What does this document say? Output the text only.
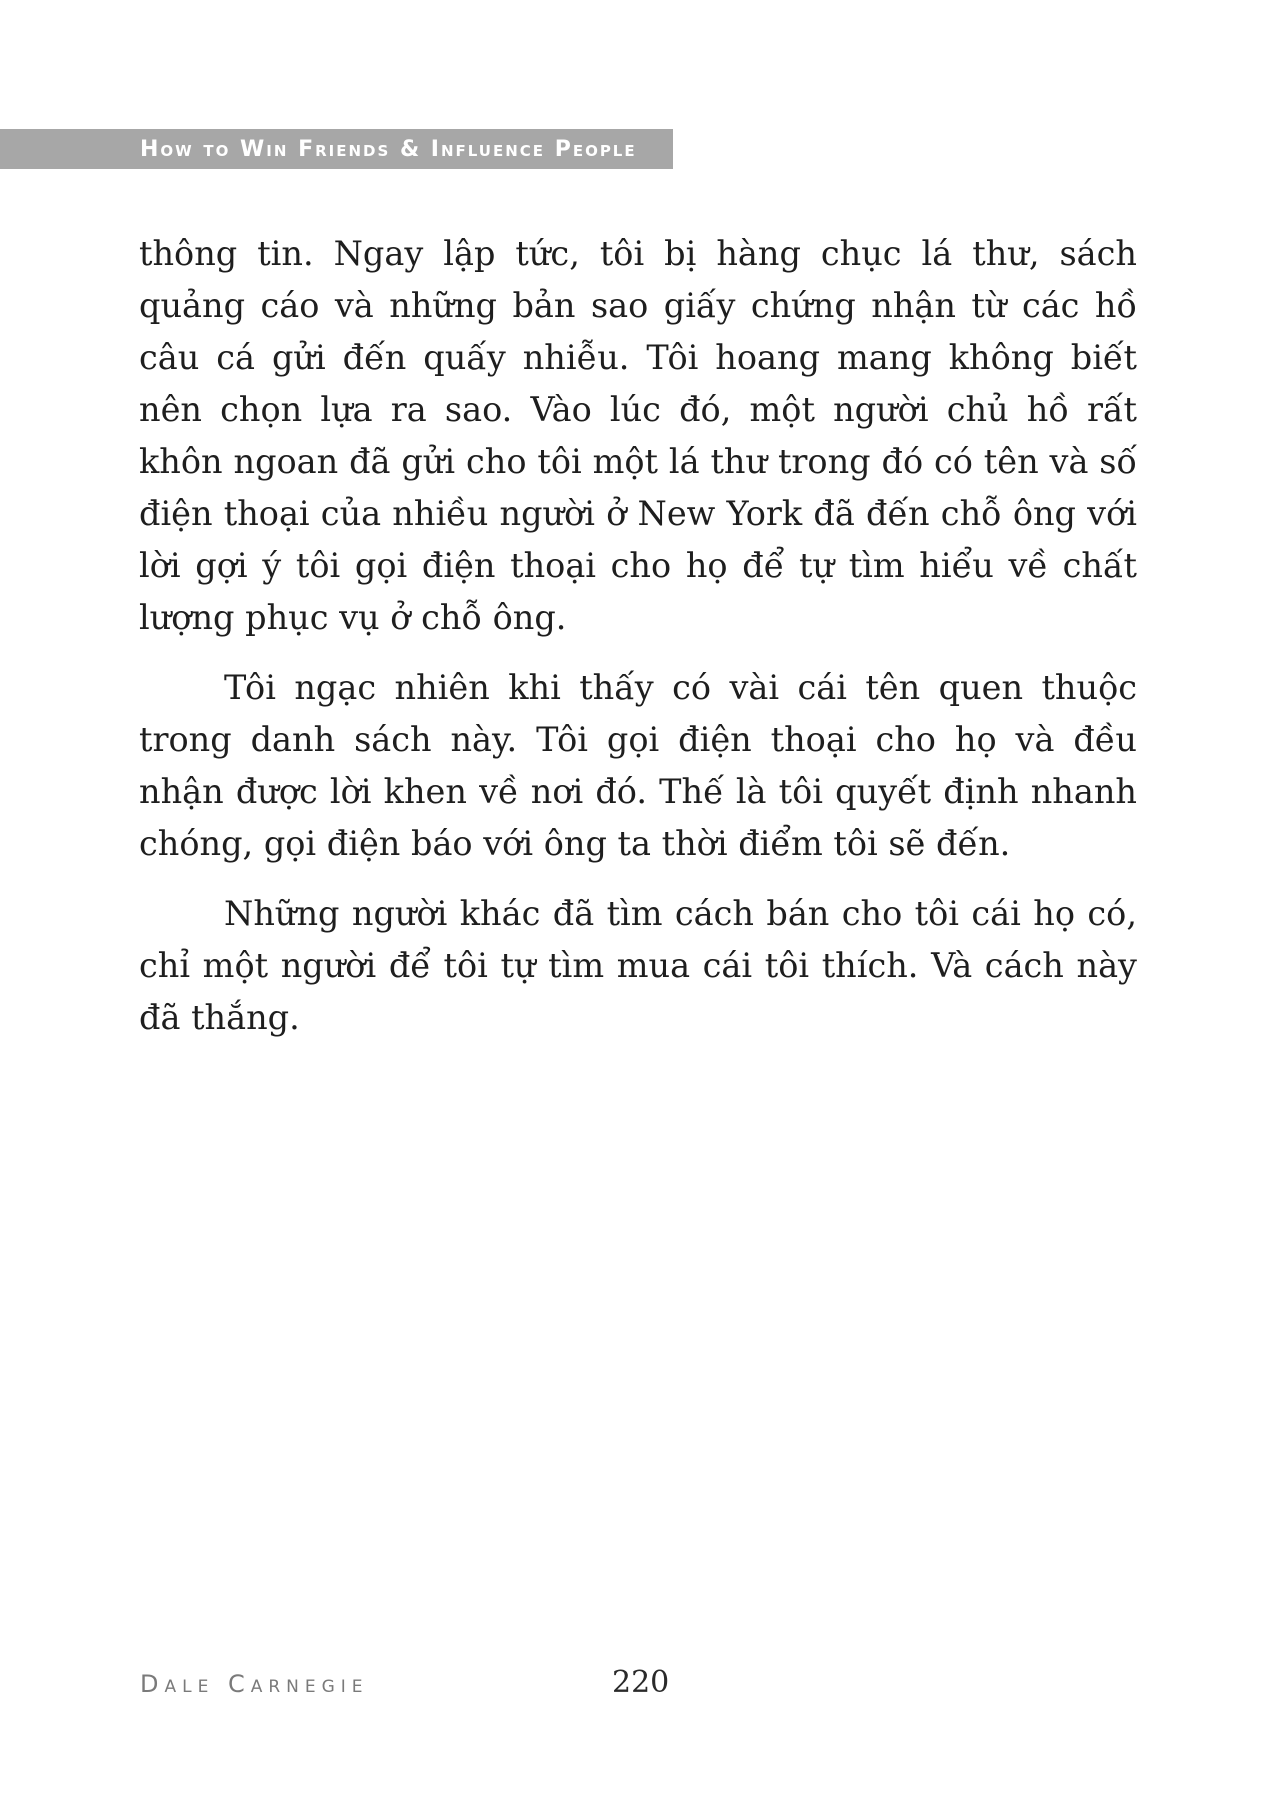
How to Win Friends & Influence People

thông tin. Ngay lập tức, tôi bị hàng chục lá thư, sách quảng cáo và những bản sao giấy chứng nhận từ các hồ câu cá gửi đến quấy nhiễu. Tôi hoang mang không biết nên chọn lựa ra sao. Vào lúc đó, một người chủ hồ rất khôn ngoan đã gửi cho tôi một lá thư trong đó có tên và số điện thoại của nhiều người ở New York đã đến chỗ ông với lời gợi ý tôi gọi điện thoại cho họ để tự tìm hiểu về chất lượng phục vụ ở chỗ ông.

Tôi ngạc nhiên khi thấy có vài cái tên quen thuộc trong danh sách này. Tôi gọi điện thoại cho họ và đều nhận được lời khen về nơi đó. Thế là tôi quyết định nhanh chóng, gọi điện báo với ông ta thời điểm tôi sẽ đến.

Những người khác đã tìm cách bán cho tôi cái họ có, chỉ một người để tôi tự tìm mua cái tôi thích. Và cách này đã thắng.

Dale Carnegie	220
